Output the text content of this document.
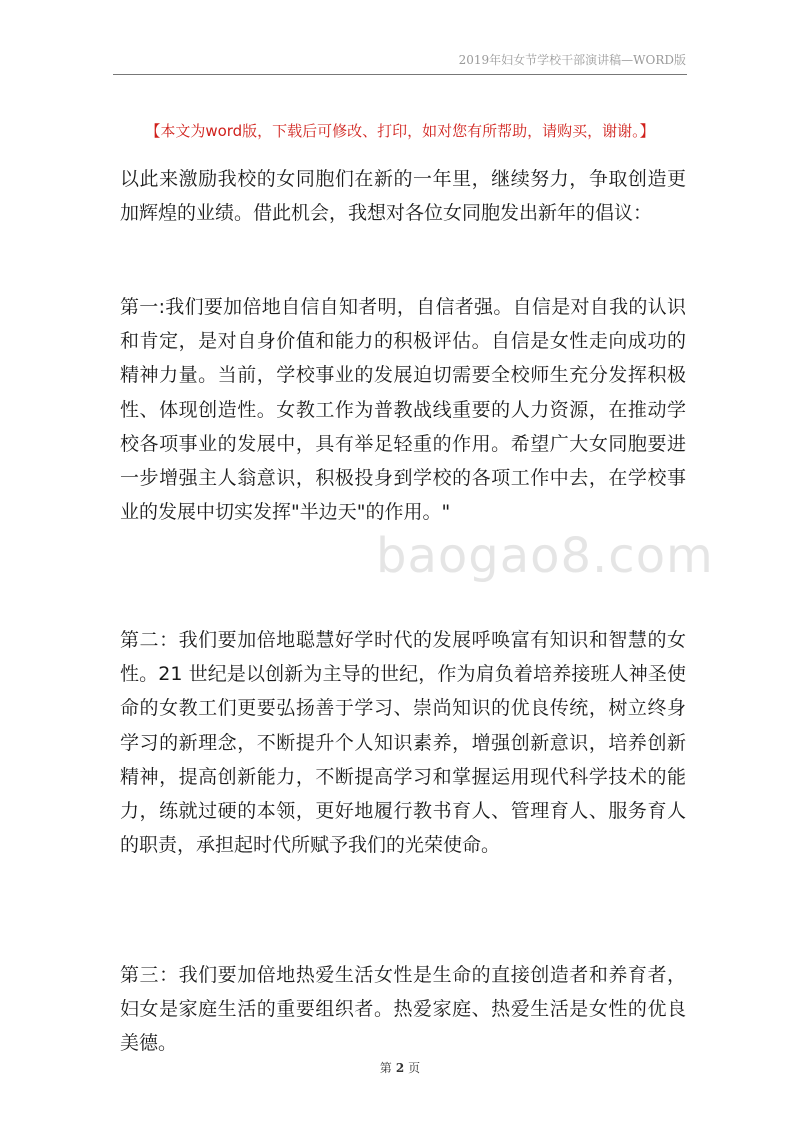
2019年妇女节学校干部演讲稿—WORD版
【本文为word版，下载后可修改、打印，如对您有所帮助，请购买，谢谢。】
以此来激励我校的女同胞们在新的一年里，继续努力，争取创造更加辉煌的业绩。借此机会，我想对各位女同胞发出新年的倡议：
第一:我们要加倍地自信自知者明，自信者强。自信是对自我的认识和肯定，是对自身价值和能力的积极评估。自信是女性走向成功的精神力量。当前，学校事业的发展迫切需要全校师生充分发挥积极性、体现创造性。女教工作为普教战线重要的人力资源，在推动学校各项事业的发展中，具有举足轻重的作用。希望广大女同胞要进一步增强主人翁意识，积极投身到学校的各项工作中去，在学校事业的发展中切实发挥"半边天"的作用。"
第二：我们要加倍地聪慧好学时代的发展呼唤富有知识和智慧的女性。21 世纪是以创新为主导的世纪，作为肩负着培养接班人神圣使命的女教工们更要弘扬善于学习、崇尚知识的优良传统，树立终身学习的新理念，不断提升个人知识素养，增强创新意识，培养创新精神，提高创新能力，不断提高学习和掌握运用现代科学技术的能力，练就过硬的本领，更好地履行教书育人、管理育人、服务育人的职责，承担起时代所赋予我们的光荣使命。
第三：我们要加倍地热爱生活女性是生命的直接创造者和养育者，妇女是家庭生活的重要组织者。热爱家庭、热爱生活是女性的优良美德。
baogao8.com
第 2 页
